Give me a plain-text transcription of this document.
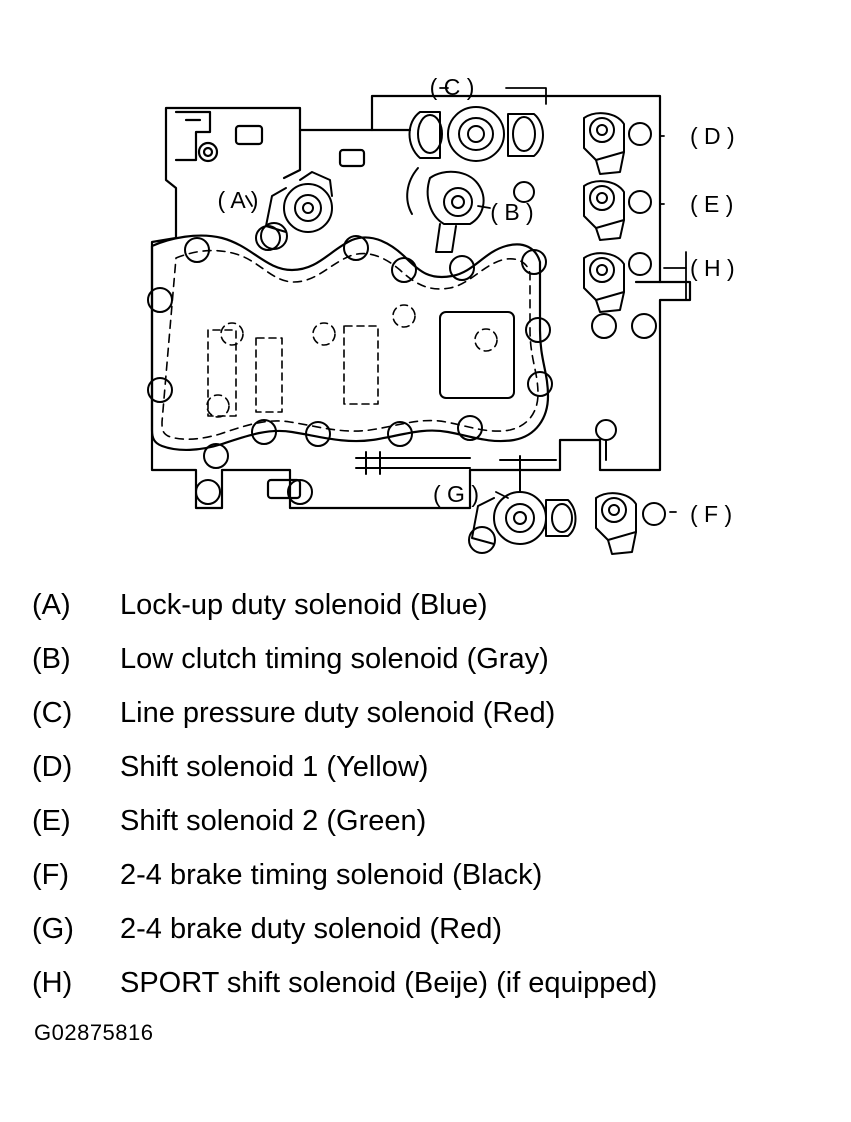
( C )
( A )	( B )
( D )
( E )
( H )
( G )
( F )
(A)	Lock-up duty solenoid (Blue)
(B)	Low clutch timing solenoid (Gray)
(C)	Line pressure duty solenoid (Red)
(D)	Shift solenoid 1 (Yellow)
(E)	Shift solenoid 2 (Green)
(F)	2-4 brake timing solenoid (Black)
(G)	2-4 brake duty solenoid (Red)
(H)	SPORT shift solenoid (Beije) (if equipped)
G02875816
